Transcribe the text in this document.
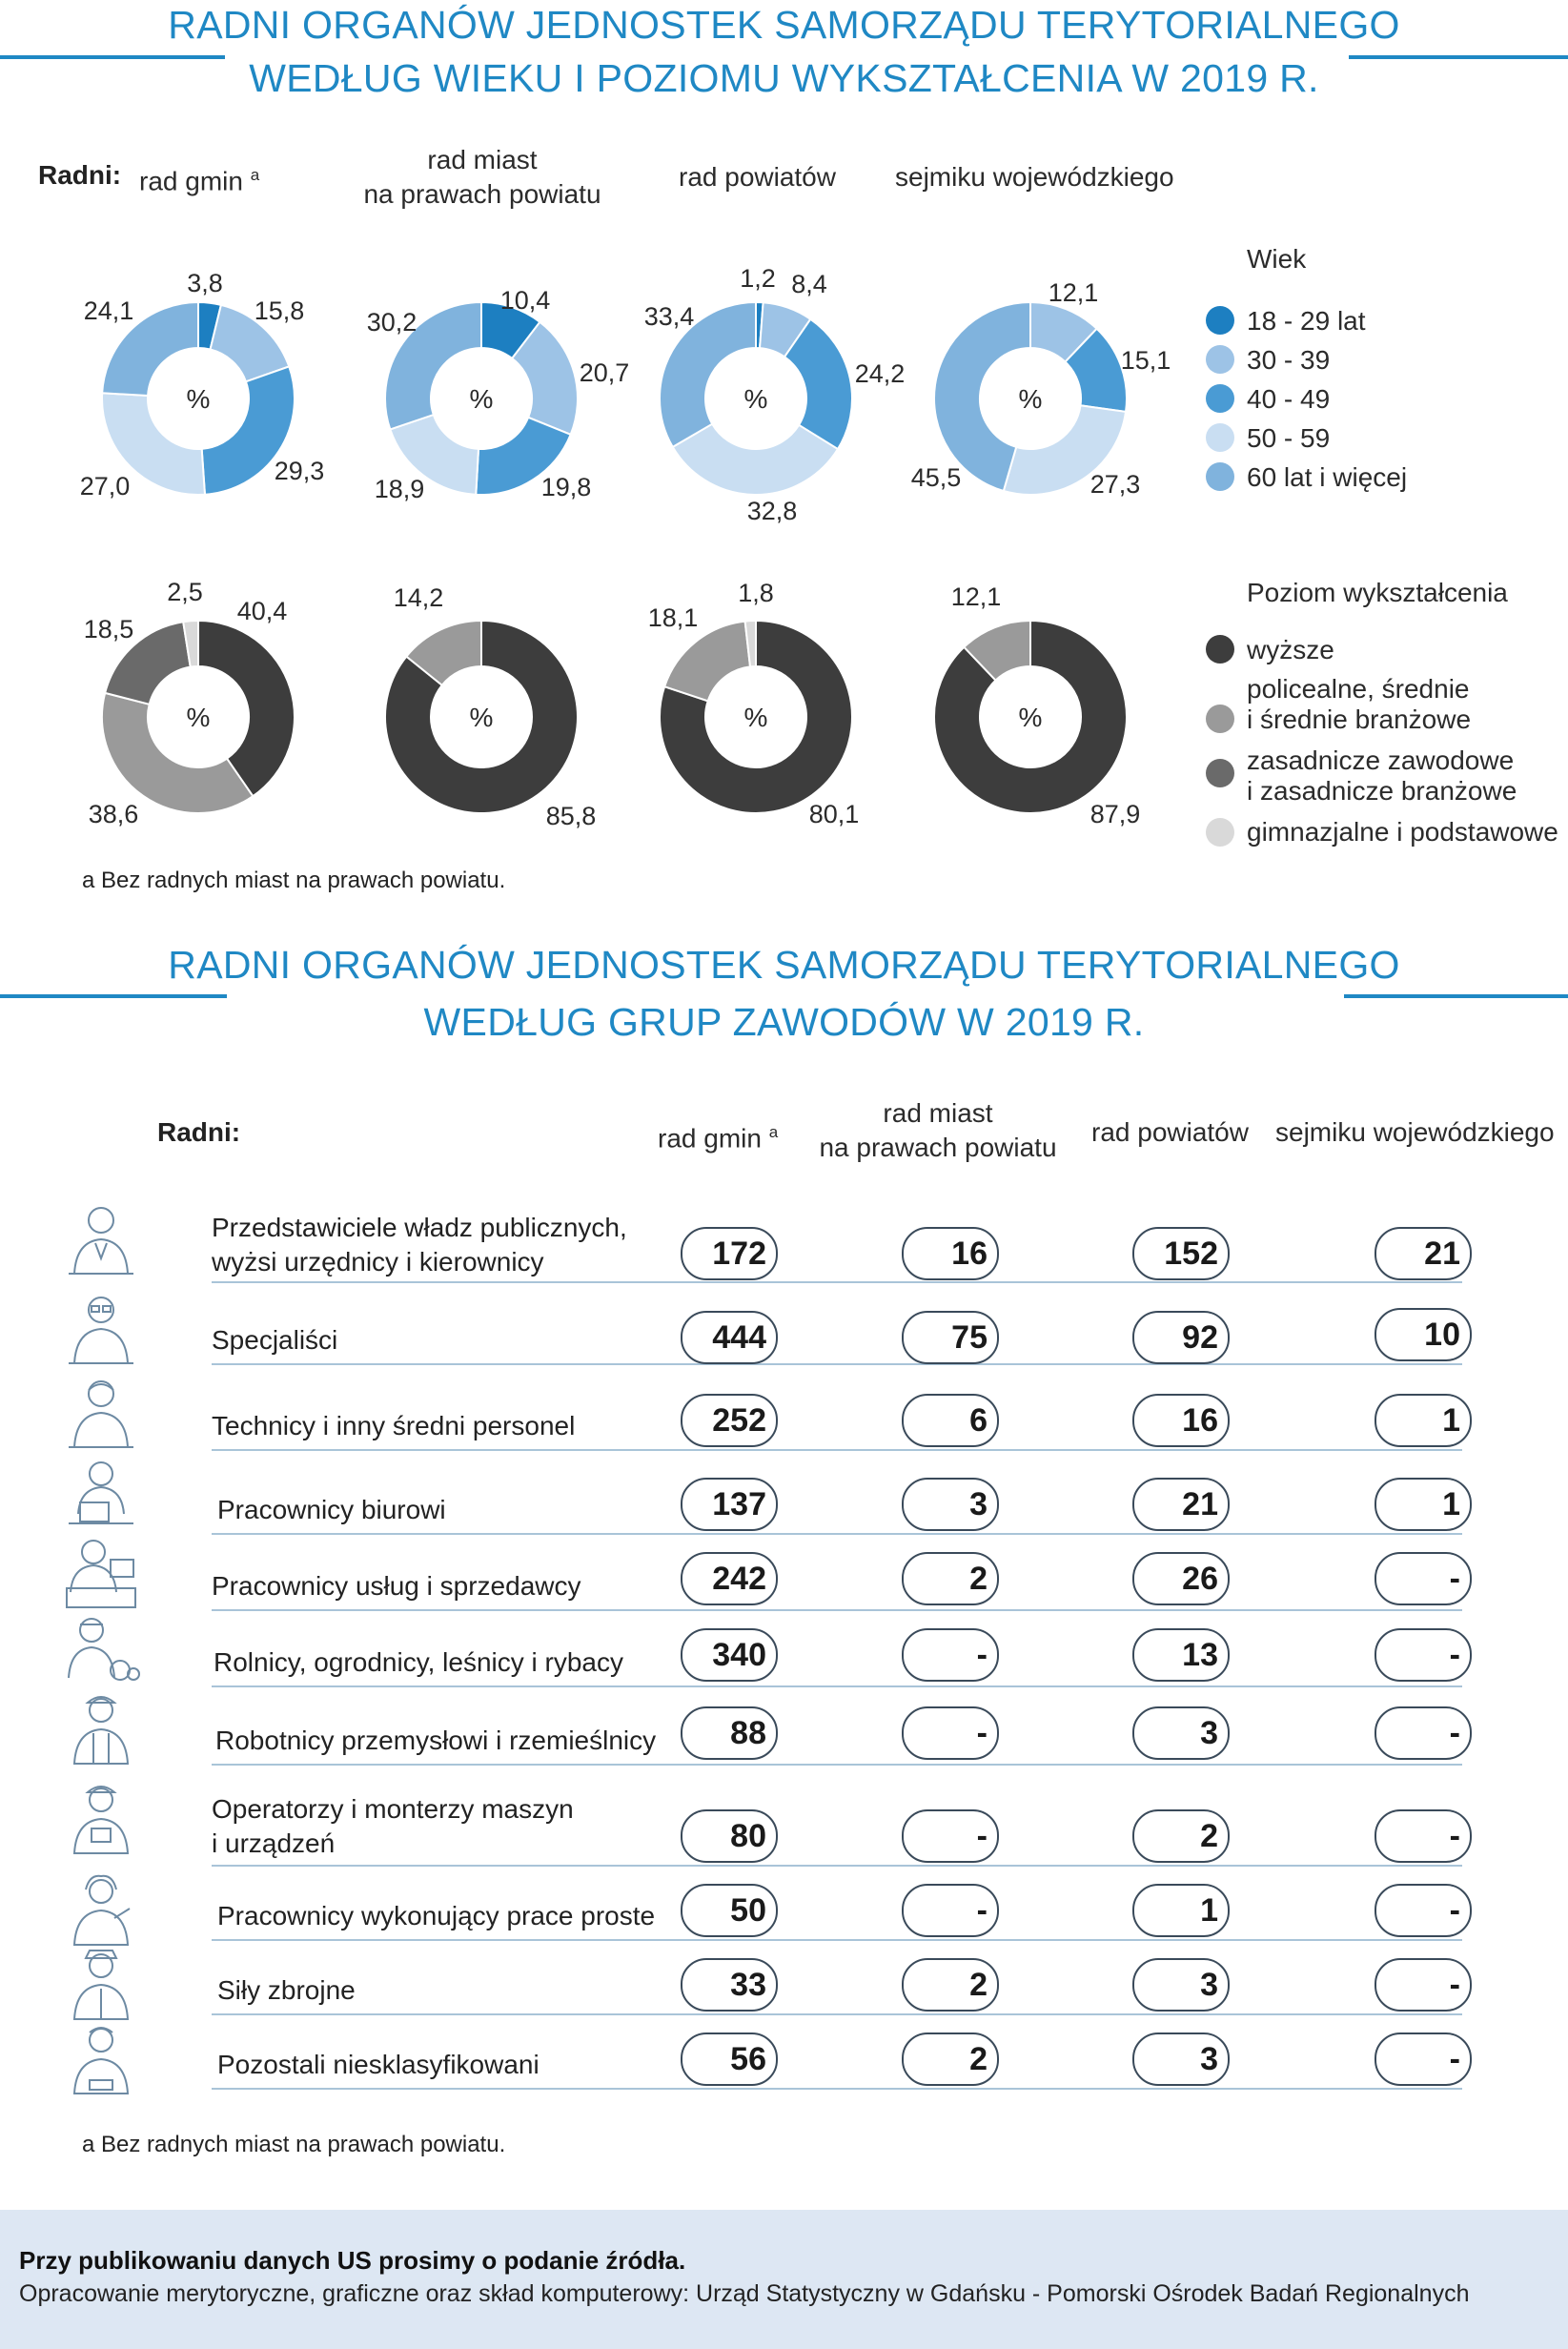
RADNI ORGANÓW JEDNOSTEK SAMORZĄDU TERYTORIALNEGO
WEDŁUG WIEKU I POZIOMU WYKSZTAŁCENIA W 2019 R.
Radni: rad gmin $^a$
rad miast
na prawach powiatu
rad powiatów sejmiku wojewódzkiego
%
3,8
15,8
29,3
27,0
24,1
%
10,4
20,7
19,8
18,9
30,2
%
1,2 8,4
24,2
32,8
33,4
%
12,1
15,1
27,3
45,5
%
40,4
38,6
18,5
2,5
%
85,8
14,2
%
80,1
18,1
1,8
%
87,9
12,1
Wiek
18 - 29 lat
30 - 39
40 - 49
50 - 59
60 lat i więcej
Poziom wykształcenia
wyższe
policealne, średnie
i średnie branżowe
zasadnicze zawodowe
i zasadnicze branżowe
gimnazjalne i podstawowe
a Bez radnych miast na prawach powiatu.
RADNI ORGANÓW JEDNOSTEK SAMORZĄDU TERYTORIALNEGO
WEDŁUG GRUP ZAWODÓW W 2019 R.
Radni:	rad gmin $^a$
rad miast
na prawach powiatu
rad powiatów sejmiku wojewódzkiego
Przedstawiciele władz publicznych,
wyżsi urzędnicy i kierownicy	172	16	152	21
Specjaliści	444	75	92	10
Technicy i inny średni personel	252	6	16	1
Pracownicy biurowi	137	3	21	1
Pracownicy usług i sprzedawcy	242	2	26	-
Rolnicy, ogrodnicy, leśnicy i rybacy	340	-	13	-
Robotnicy przemysłowi i rzemieślnicy	88	-	3	-
Operatorzy i monterzy maszyn
i urządzeń	80	-	2	-
Pracownicy wykonujący prace proste	50	-	1	-
Siły zbrojne	33	2	3	-
Pozostali niesklasyfikowani	56	2	3	-
a Bez radnych miast na prawach powiatu.
Przy publikowaniu danych US prosimy o podanie źródła.
Opracowanie merytoryczne, graficzne oraz skład komputerowy: Urząd Statystyczny w Gdańsku - Pomorski Ośrodek Badań Regionalnych
